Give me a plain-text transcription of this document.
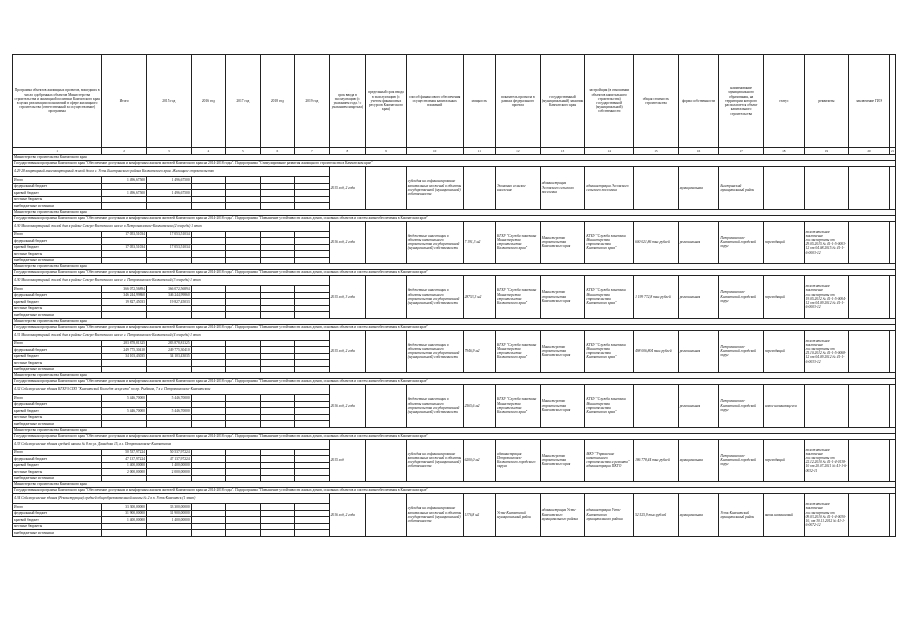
Программа объектов жилищных проектов, вошедших в число одобренных объектов Министерства строительства и жилищной политики Камчатского края в целях реализации полномочий в сфере жилищного строительства (ответственный за осуществление) программы	Итого	2015 год	2016 год	2017 год	2018 год	2019 год	срок ввода в эксплуатацию (с указанием года / с указанием квартала)	предельный срок ввода в эксплуатацию (с учетом финансовых ресурсов Камчатского края)	способ финансового обеспечения осуществления капитальных вложений	мощность	показатель прогноза в рамках федерального проекта	государственный (муниципальный) заказчик Камчатского края	застройщик (в отношении объектов капитального строительства) государственной (муниципальной) собственности	общая стоимость строительства	форма собственности	наименование муниципального образования, на территории которого располагается объект капитального строительства	статус	реквизиты	заключение ГИЭ	
1	2	3	4	5	6	7	8	9	10	11	12	13	14	15	16	17	18	19	20	21
Министерство строительства Камчатского края																				
Государственная программа Камчатского края "Обеспечение доступным и комфортным жильем жителей Камчатского края на 2014-2018 годы". Подпрограмма "Стимулирование развития жилищного строительства в Камчатском крае"																				
4.29 28 квартирный многоквартирный жилой дом в с. Усть Быстринского района Камчатского края. Жилищное строительство							2015 год, 2 года		субсидия на софинансирование капитальных вложений в объекты государственной (муниципальной) собственности		Экономно сельское население	администрация Эссовского сельского поселения	администрация Эссовского сельского поселения		муниципальная	Быстринский муниципальный район				
Итого	1 496,67500	1 496,67500																		
федеральный бюджет																				
краевой бюджет	1 496,67500	1 496,67500																		
местные бюджеты																				
внебюджетные источники																				
Министерство строительства Камчатского края																				
Государственная программа Камчатского края "Обеспечение доступным и комфортным жильем жителей Камчатского края на 2014-2018 годы". Подпрограмма "Повышение устойчивости жилых домов, основных объектов и систем жизнеобеспечения в Камчатском крае"																				
4.30 Многоквартирный жилой дом в районе Северо-Восточного шоссе в Петропавловске-Камчатском (2 очередь) 1 этап							2016 год, 2 года		бюджетные инвестиции в объекты капитального строительства государственной (муниципальной) собственности	7 191,3 м2	КГБУ "Служба заказчика Министерства строительства Камчатского края"	Министерство строительства Камчатского края	КГБУ "Служба заказчика Министерства строительства Камчатского края"	600 021,86 тыс.рублей	региональная	Петропавловск-Камчатский городской округ	переходящий	положительное заключение гос.экспертизы от 29.05.2015 № 41-1-5-0003-12 от 04.08.2015 № 41-1-6-0003-12		
Итого	17 053,51034	17 053,51034																		
федеральный бюджет																				
краевой бюджет	17 053,51034	17 053,51034																		
местные бюджеты																				
внебюджетные источники																				
Министерство строительства Камчатского края																				
Государственная программа Камчатского края "Обеспечение доступным и комфортным жильем жителей Камчатского края на 2014-2018 годы". Подпрограмма "Повышение устойчивости жилых домов, основных объектов и систем жизнеобеспечения в Камчатском крае"																				
4.30 Многоквартирный жилой дом в районе Северо-Восточного шоссе г. Петропавловск-Камчатский (3 очередь) 1 этап							2015 год, 3 года		бюджетные инвестиции в объекты капитального строительства государственной (муниципальной) собственности	28753,3 м2	КГБУ "Служба заказчика Министерства строительства Камчатского края"	Министерство строительства Камчатского края	КГБУ "Служба заказчика Министерства строительства Камчатского края"	1 199 772,8 тыс.рублей	региональная	Петропавловск-Камчатский городской округ	переходящий	положительное заключение гос.экспертизы от 19.05.2012 № 41-1-5-0004-12 от 04.09.2012 № 41-1-6-0003-12		
Итого	366 072,56894	366 072,56894																		
федеральный бюджет	346 244,99860	346 244,99860																		
краевой бюджет	19 827,45033	19 827,45033																		
местные бюджеты																				
внебюджетные источники																				
Министерство строительства Камчатского края																				
Государственная программа Камчатского края "Обеспечение доступным и комфортным жильем жителей Камчатского края на 2014-2018 годы". Подпрограмма "Повышение устойчивости жилых домов, основных объектов и систем жизнеобеспечения в Камчатском крае"																				
4.31 Многоквартирный жилой дом в районе Северо-Восточного шоссе г. Петропавловск-Камчатский (4 очередь) 1 этап							2015 год, 2 года		бюджетные инвестиции в объекты капитального строительства государственной (муниципальной) собственности	7946,9 м2	КГБУ "Служба заказчика Министерства строительства Камчатского края"	Министерство строительства Камчатского края	КГБУ "Служба заказчика Министерства строительства Камчатского края"	498 006,804 тыс.рублей	региональная	Петропавловск-Камчатский городской округ	переходящий	положительное заключение гос.экспертизы от 25.10.2012 № 41-1-5-0068-12 от 04.09.2012 № 41-1-6-0033-12		
Итого	283 878,81325	283 878,81325																		
федеральный бюджет	249 775,30410	249 775,30410																		
краевой бюджет	34 103,43035	34 103,43035																		
местные бюджеты																				
внебюджетные источники																				
Министерство строительства Камчатского края																				
Государственная программа Камчатского края "Обеспечение доступным и комфортным жильем жителей Камчатского края на 2014-2018 годы". Подпрограмма "Повышение устойчивости жилых домов, основных объектов и систем жизнеобеспечения в Камчатском крае"																				
4.32 Сейсмоусиление здания КГБУЗ СПО "Камчатский Колледж искусств" по пр. Рыбаков, 7 в г. Петропавловске-Камчатском							2016 год, 2 года		бюджетные инвестиции в объекты капитального строительства государственной (муниципальной) собственности	2565,6 м2	КГБУ "Служба заказчика Министерства строительства Камчатского края"	Министерство строительства Камчатского края	КГБУ "Служба заказчика Министерства строительства Камчатского края"		региональная	Петропавловск-Камчатский городской округ	новое начинающееся			
Итого	5 446,70000	5 446,70000																		
федеральный бюджет																				
краевой бюджет	5 446,70000	5 446,70000																		
местные бюджеты																				
внебюджетные источники																				
Министерство строительства Камчатского края																				
Государственная программа Камчатского края "Обеспечение доступным и комфортным жильем жителей Камчатского края на 2014-2018 годы". Подпрограмма "Повышение устойчивости жилых домов, основных объектов и систем жизнеобеспечения в Камчатском крае"																				
4.33 Сейсмоусиление здания средней школы № 8 по ул. Давыдова 15, в г. Петропавловске-Камчатском							2015 год		субсидия на софинансирование капитальных вложений в объекты государственной (муниципальной) собственности	6200,0 м2	администрация Петропавловск-Камчатского городского округа	Министерство строительства Камчатского края	МКУ "Управление капитального строительства и ремонта" администрации ПКГО	186 778,44 тыс.рублей	муниципальная	Петропавловск-Камчатский городской округ	переходящий	положительное заключение гос.экспертизы от 22.12.2010 № 41-1-4-0138-10 от 20.07.2011 № 41-1-6-0032-11		
Итого	50 537,97224	50 537,97224																		
федеральный бюджет	47 137,97224	47 137,97224																		
краевой бюджет	1 400,00000	1 400,00000																		
местные бюджеты	2 000,00000	2 000,00000																		
внебюджетные источники																				
Министерство строительства Камчатского края																				
Государственная программа Камчатского края "Обеспечение доступным и комфортным жильем жителей Камчатского края на 2014-2018 годы". Подпрограмма "Повышение устойчивости жилых домов, основных объектов и систем жизнеобеспечения в Камчатском крае"																				
4.34 Сейсмоусиление здания (Реконструкция) средней общеобразовательной школы № 2 в п. Усть-Камчатск (1 этап)							2016 год, 2 года		субсидия на софинансирование капитальных вложений в объекты государственной (муниципальной) собственности	1176,8 м2	Усть-Камчатский муниципальный район	администрация Усть-Камчатского муниципального района	администрация Усть-Камчатского муниципального района	52 525,9 тыс.рублей	муниципальная	Усть-Камчатский муниципальный район	вновь начинаемый	положительное заключение гос.экспертизы от 09.03.2010 № 41-1-4-0030-10, от 30.11.2012 № 41-1-6-0072-12		
Итого	33 300,00000	33 300,00000																		
федеральный бюджет	31 900,00000	31 900,00000																		
краевой бюджет	1 400,00000	1 400,00000																		
местные бюджеты																				
внебюджетные источники																				
